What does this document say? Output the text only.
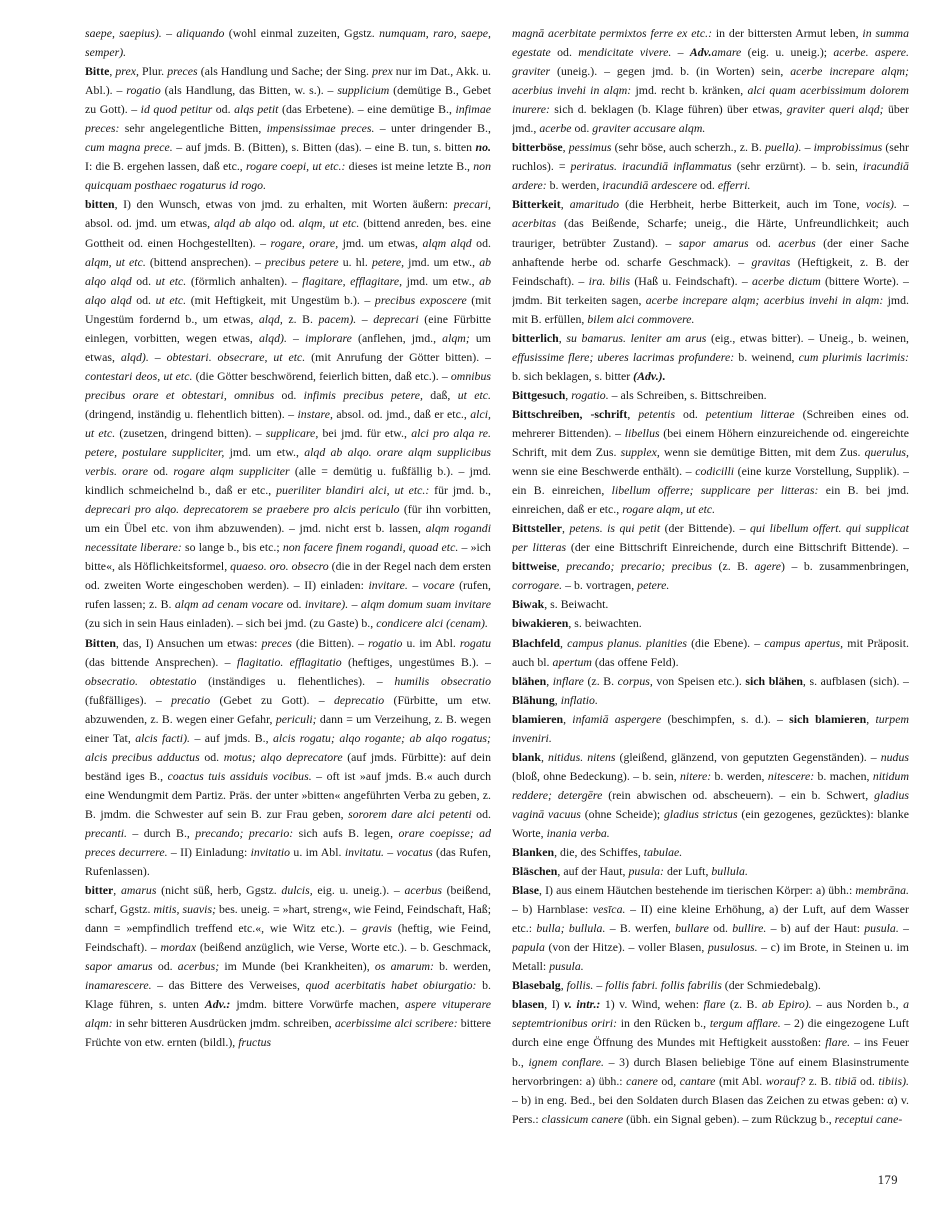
saepe, saepius). – aliquando (wohl einmal zuzeiten, Ggstz. numquam, raro, saepe, semper).

Bitte, prex, Plur. preces (als Handlung und Sache; der Sing. prex nur im Dat., Akk. u. Abl.). – rogatio (als Handlung, das Bitten, w. s.). – supplicium (demütige B., Gebet zu Gott). – id quod petitur od. alqs petit (das Erbetene). – eine demütige B., infimae preces: sehr angelegentliche Bitten, impensissimae preces. – unter dringender B., cum magna prece. – auf jmds. B. (Bitten), s. Bitten (das). – eine B. tun, s. bitten no. I: die B. ergehen lassen, daß etc., rogare coepi, ut etc.: dieses ist meine letzte B., non quicquam posthaec rogaturus id rogo.

bitten, I) den Wunsch, etwas von jmd. zu erhalten, mit Worten äußern: precari, absol. od. jmd. um etwas, alqd ab alqo od. alqm, ut etc. (bittend anreden, bes. eine Gottheit od. einen Hochgestellten). – rogare, orare, jmd. um etwas, alqm alqd od. alqm, ut etc. (bittend ansprechen). – precibus petere u. hl. petere, jmd. um etw., ab alqo alqd od. ut etc. (förmlich anhalten). – flagitare, efflagitare, jmd. um etw., ab alqo alqd od. ut etc. (mit Heftigkeit, mit Ungestüm b.). – precibus exposcere (mit Ungestüm fordernd b., um etwas, alqd, z. B. pacem). – deprecari (eine Fürbitte einlegen, vorbitten, wegen etwas, alqd). – implorare (anflehen, jmd., alqm; um etwas, alqd). – obtestari. obsecrare, ut etc. (mit Anrufung der Götter bitten). – contestari deos, ut etc. (die Götter beschwörend, feierlich bitten, daß etc.). – omnibus precibus orare et obtestari, omnibus od. infimis precibus petere, daß, ut etc. (dringend, inständig u. flehentlich bitten). – instare, absol. od. jmd., daß er etc., alci, ut etc. (zusetzen, dringend bitten). – supplicare, bei jmd. für etw., alci pro alqa re. petere, postulare suppliciter, jmd. um etw., alqd ab alqo. orare alqm supplicibus verbis. orare od. rogare alqm suppliciter (alle = demütig u. fußfällig b.). – jmd. kindlich schmeichelnd b., daß er etc., pueriliter blandiri alci, ut etc.: für jmd. b., deprecari pro alqo. deprecatorem se praebere pro alcis periculo (für ihn vorbitten, um ein Übel etc. von ihm abzuwenden). – jmd. nicht erst b. lassen, alqm rogandi necessitate liberare: so lange b., bis etc.; non facere finem rogandi, quoad etc. – »ich bitte«, als Höflichkeitsformel, quaeso. oro. obsecro (die in der Regel nach dem ersten od. zweiten Worte eingeschoben werden). – II) einladen: invitare. – vocare (rufen, rufen lassen; z. B. alqm ad cenam vocare od. invitare). – alqm domum suam invitare (zu sich in sein Haus einladen). – sich bei jmd. (zu Gaste) b., condicere alci (cenam).

Bitten, das, I) Ansuchen um etwas: preces (die Bitten). – rogatio u. im Abl. rogatu (das bittende Ansprechen). – flagitatio. efflagitatio (heftiges, ungestümes B.). – obsecratio. obtestatio (inständiges u. flehentliches). – humilis obsecratio (fußfälliges). – precatio (Gebet zu Gott). – deprecatio (Fürbitte, um etw. abzuwenden, z. B. wegen einer Gefahr, periculi; dann = um Verzeihung, z. B. wegen einer Tat, alcis facti). – auf jmds. B., alcis rogatu; alqo rogante; ab alqo rogatus; alcis precibus adductus od. motus; alqo deprecatore (auf jmds. Fürbitte): auf dein beständ iges B., coactus tuis assiduis vocibus. – oft ist »auf jmds. B.« auch durch eine Wendungmit dem Partiz. Präs. der unter »bitten« angeführten Verba zu geben, z. B. jmdm. die Schwester auf sein B. zur Frau geben, sororem dare alci petenti od. precanti. – durch B., precando; precario: sich aufs B. legen, orare coepisse; ad preces decurrere. – II) Einladung: invitatio u. im Abl. invitatu. – vocatus (das Rufen, Rufenlassen).

bitter, amarus (nicht süß, herb, Ggstz. dulcis, eig. u. uneig.). – acerbus (beißend, scharf, Ggstz. mitis, suavis; bes. uneig. = »hart, streng«, wie Feind, Feindschaft, Haß; dann = »empfindlich treffend etc.«, wie Witz etc.). – gravis (heftig, wie Feind, Feindschaft). – mordax (beißend anzüglich, wie Verse, Worte etc.). – b. Geschmack, sapor amarus od. acerbus; im Munde (bei Krankheiten), os amarum: b. werden, inamarescere. – das Bittere des Verweises, quod acerbitatis habet obiurgatio: b. Klage führen, s. unten Adv.: jmdm. bittere Vorwürfe machen, aspere vituperare alqm: in sehr bitteren Ausdrücken jmdm. schreiben, acerbissime alci scribere: bittere Früchte von etw. ernten (bildl.), fructus

magnā acerbitate permixtos ferre ex etc.: in der bittersten Armut leben, in summa egestate od. mendicitate vivere. – Adv.amare (eig. u. uneig.); acerbe. aspere. graviter (uneig.). – gegen jmd. b. (in Worten) sein, acerbe increpare alqm; acerbius invehi in alqm: jmd. recht b. kränken, alci quam acerbissimum dolorem inurere: sich d. beklagen (b. Klage führen) über etwas, graviter queri alqd; über jmd., acerbe od. graviter accusare alqm.

bitterböse, pessimus (sehr böse, auch scherzh., z. B. puella). – improbissimus (sehr ruchlos). = periratus. iracundiā inflammatus (sehr erzürnt). – b. sein, iracundiā ardere: b. werden, iracundiā ardescere od. efferri.

Bitterkeit, amaritudo (die Herbheit, herbe Bitterkeit, auch im Tone, vocis). – acerbitas (das Beißende, Scharfe; uneig., die Härte, Unfreundlichkeit; auch trauriger, betrübter Zustand). – sapor amarus od. acerbus (der einer Sache anhaftende herbe od. scharfe Geschmack). – gravitas (Heftigkeit, z. B. der Feindschaft). – ira. bilis (Haß u. Feindschaft). – acerbe dictum (bittere Worte). – jmdm. Bit terkeiten sagen, acerbe increpare alqm; acerbius invehi in alqm: jmd. mit B. erfüllen, bilem alci commovere.

bitterlich, su bamarus. leniter am arus (eig., etwas bitter). – Uneig., b. weinen, effusissime flere; uberes lacrimas profundere: b. weinend, cum plurimis lacrimis: b. sich beklagen, s. bitter (Adv.).

Bittgesuch, rogatio. – als Schreiben, s. Bittschreiben.

Bittschreiben, -schrift, petentis od. petentium litterae (Schreiben eines od. mehrerer Bittenden). – libellus (bei einem Höhern einzureichende od. eingereichte Schrift, mit dem Zus. supplex, wenn sie demütige Bitten, mit dem Zus. querulus, wenn sie eine Beschwerde enthält). – codicilli (eine kurze Vorstellung, Supplik). – ein B. einreichen, libellum offerre; supplicare per litteras: ein B. bei jmd. einreichen, daß er etc., rogare alqm, ut etc.

Bittsteller, petens. is qui petit (der Bittende). – qui libellum offert. qui supplicat per litteras (der eine Bittschrift Einreichende, durch eine Bittschrift Bittende). – bittweise, precando; precario; precibus (z. B. agere) – b. zusammenbringen, corrogare. – b. vortragen, petere.

Biwak, s. Beiwacht.

biwakieren, s. beiwachten.

Blachfeld, campus planus. planities (die Ebene). – campus apertus, mit Präposit. auch bl. apertum (das offene Feld).

blähen, inflare (z. B. corpus, von Speisen etc.). sich blähen, s. aufblasen (sich). – Blähung, inflatio.

blamieren, infamiā aspergere (beschimpfen, s. d.). – sich blamieren, turpem inveniri.

blank, nitidus. nitens (gleißend, glänzend, von geputzten Gegenständen). – nudus (bloß, ohne Bedeckung). – b. sein, nitere: b. werden, nitescere: b. machen, nitidum reddere; detergēre (rein abwischen od. abscheuern). – ein b. Schwert, gladius vaginā vacuus (ohne Scheide); gladius strictus (ein gezogenes, gezücktes): blanke Worte, inania verba.

Blanken, die, des Schiffes, tabulae.

Bläschen, auf der Haut, pusula: der Luft, bullula.

Blase, I) aus einem Häutchen bestehende im tierischen Körper: a) übh.: membrāna. – b) Harnblase: vesīca. – II) eine kleine Erhöhung, a) der Luft, auf dem Wasser etc.: bulla; bullula. – B. werfen, bullare od. bullire. – b) auf der Haut: pusula. – papula (von der Hitze). – voller Blasen, pusulosus. – c) im Brote, in Steinen u. im Metall: pusula.

Blasebalg, follis. – follis fabri. follis fabrilis (der Schmiedebalg).

blasen, I) v. intr.: 1) v. Wind, wehen: flare (z. B. ab Epiro). – aus Norden b., a septemtrionibus oriri: in den Rücken b., tergum afflare. – 2) die eingezogene Luft durch eine enge Öffnung des Mundes mit Heftigkeit ausstoßen: flare. – ins Feuer b., ignem conflare. – 3) durch Blasen beliebige Töne auf einem Blasinstrumente hervorbringen: a) übh.: canere od, cantare (mit Abl. worauf? z. B. tibiā od. tibiis). – b) in eng. Bed., bei den Soldaten durch Blasen das Zeichen zu etwas geben: α) v. Pers.: classicum canere (übh. ein Signal geben). – zum Rückzug b., receptui cane-

179
